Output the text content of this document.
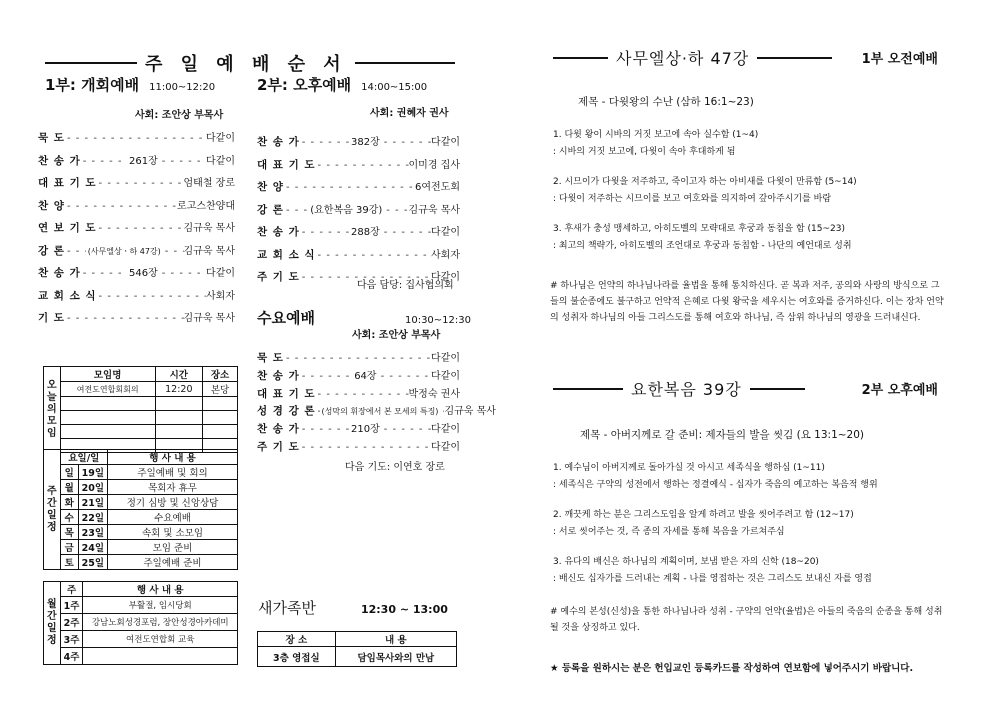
주 일 예 배 순 서
1부: 개회예배 11:00~12:20
사회: 조안상 부목사
묵 도 - - -	다같이
찬 송 가 - - -	261장 - - -	다같이
대 표 기 도 - - -	엄태철 장로
찬 양 - - -	로고스찬양대
연 보 기 도 - - -	김규욱 목사
강 론 - - -	(사무엘상ㆍ하 47강) - - - 김규욱 목사
찬 송 가 - - -	546장 - - -	다같이
교 회 소 식 - - -	사회자
기 도 - - -	김규욱 목사
2부: 오후예배 14:00~15:00
사회: 권혜자 권사
찬 송 가 - - -	382장 - - -	다같이
대 표 기 도 - - -	이미경 집사
찬 양 - - -	6여전도회
강 론 - - -	(요한복음 39강) - - -	김규욱 목사
찬 송 가 - - -	288장 - - -	다같이
교 회 소 식 - - -	사회자
주 기 도 - - -	다같이
다음 담당: 집사협의회
수요예배	10:30~12:30
사회: 조안상 부목사
묵 도 - - -	다같이
찬 송 가 - - -	64장 - - -	다같이
대 표 기 도 - - -	박정숙 권사
성 경 강 론 - - - (성막의 휘장에서 본 모세의 특징) - - - 김규욱 목사
찬 송 가 - - -	210장 - - -	다같이
주 기 도 - - -	다같이
다음 기도: 이연호 장로
오늘의모임	모임명	시간	장소
	여전도연합회회의	12:20	본당

주간일정	요일/일		행 사 내 용
	일	19일	주일예배 및 회의
	월	20일	목회자 휴무
	화	21일	정기 심방 및 신앙상담
	수	22일	수요예배
	목	23일	속회 및 소모임
	금	24일	모임 준비
	토	25일	주일예배 준비
월간일정	주	행 사 내 용
	1주	부활절, 임시당회
	2주	강남노회성경포럼, 장안성경아카데미
	3주	여전도연합회 교육
	4주	
새가족반	12:30 ~ 13:00
장 소	내 용
3층 영접실	담임목사와의 만남
사무엘상·하 47강	1부 오전예배
제목 - 다윗왕의 수난 (삼하 16:1~23)
1. 다윗 왕이 시바의 거짓 보고에 속아 실수함 (1~4)
: 시바의 거짓 보고에, 다윗이 속아 후대하게 됨
2. 시므이가 다윗을 저주하고, 죽이고자 하는 아비새를 다윗이 만류함 (5~14)
: 다윗이 저주하는 시므이를 보고 여호와를 의지하여 갚아주시기를 바람
3. 후새가 충성 맹세하고, 아히도벨의 모략대로 후궁과 동침을 함 (15~23)
: 최고의 책략가, 아히도벨의 조언대로 후궁과 동침함 - 나단의 예언대로 성취
# 하나님은 언약의 하나님나라를 율법을 통해 통치하신다. 곧 복과 저주, 공의와 사랑의 방식으로 그들의 불순종에도 불구하고 언약적 은혜로 다윗 왕국을 세우시는 여호와를 증거하신다. 이는 장차 언약의 성취자 하나님의 아들 그리스도를 통해 여호와 하나님, 즉 삼위 하나님의 영광을 드러내신다.
요한복음 39강	2부 오후예배
제목 - 아버지께로 갈 준비: 제자들의 발을 씻김 (요 13:1~20)
1. 예수님이 아버지께로 돌아가실 것 아시고 세족식을 행하심 (1~11)
: 세족식은 구약의 성전에서 행하는 정결예식 - 십자가 죽음의 예고하는 복음적 행위
2. 깨끗케 하는 분은 그리스도임을 알게 하려고 발을 씻어주려고 함 (12~17)
: 서로 씻어주는 것, 즉 종의 자세를 통해 복음을 가르쳐주심
3. 유다의 배신은 하나님의 계획이며, 보냄 받은 자의 신학 (18~20)
: 배신도 십자가를 드러내는 계획 - 나를 영접하는 것은 그리스도 보내신 자를 영접
# 예수의 본성(신성)을 통한 하나님나라 성취 - 구약의 언약(율법)은 아들의 죽음의 순종을 통해 성취될 것을 상징하고 있다.
★ 등록을 원하시는 분은 헌입교인 등록카드를 작성하여 연보함에 넣어주시기 바랍니다.
